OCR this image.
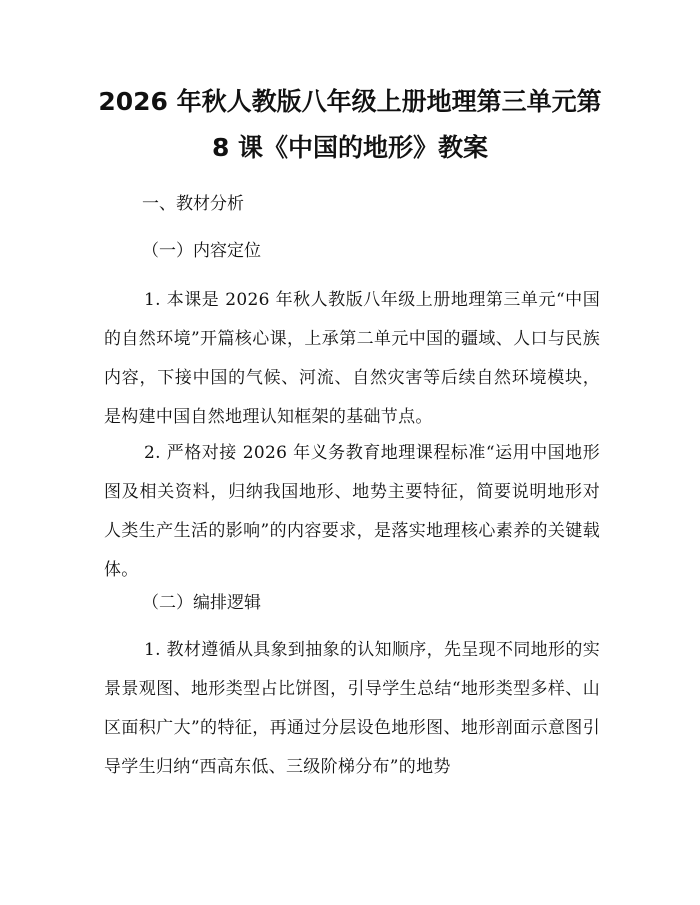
2026 年秋人教版八年级上册地理第三单元第
8 课《中国的地形》教案

一、教材分析

（一）内容定位

1. 本课是 2026 年秋人教版八年级上册地理第三单元“中国的自然环境”开篇核心课，上承第二单元中国的疆域、人口与民族内容，下接中国的气候、河流、自然灾害等后续自然环境模块，是构建中国自然地理认知框架的基础节点。

2. 严格对接 2026 年义务教育地理课程标准“运用中国地形图及相关资料，归纳我国地形、地势主要特征，简要说明地形对人类生产生活的影响”的内容要求，是落实地理核心素养的关键载体。

（二）编排逻辑

1. 教材遵循从具象到抽象的认知顺序，先呈现不同地形的实景景观图、地形类型占比饼图，引导学生总结“地形类型多样、山区面积广大”的特征，再通过分层设色地形图、地形剖面示意图引导学生归纳“西高东低、三级阶梯分布”的地势
